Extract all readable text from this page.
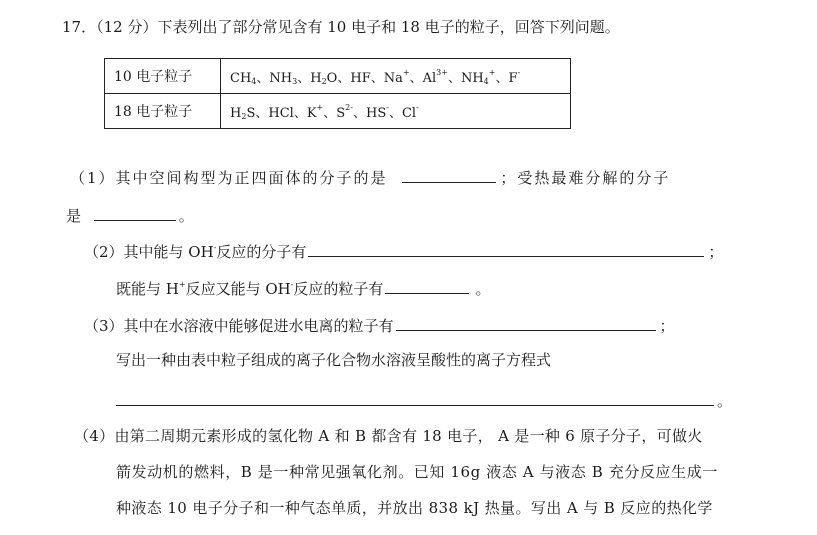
17．（12 分）下表列出了部分常见含有 10 电子和 18 电子的粒子，回答下列问题。
10 电子粒子	$CH_4$、$NH_3$、$H_2O$、HF、Na+、$Al^{3+}$、$NH_4^+$、F-
18 电子粒子	$H_2S$、HCl、K+、$S^{2-}$、HS-、Cl-
（1）其中空间构型为正四面体的分子的是	；受热最难分解的分子
是	。
（2）其中能与 OH-反应的分子有	；
既能与 H+反应又能与 OH-反应的粒子有	。
（3）其中在水溶液中能够促进水电离的粒子有	；
写出一种由表中粒子组成的离子化合物水溶液呈酸性的离子方程式
。
（4）由第二周期元素形成的氢化物 A 和 B 都含有 18 电子， A 是一种 6 原子分子，可做火
箭发动机的燃料，B 是一种常见强氧化剂。已知 16g 液态 A 与液态 B 充分反应生成一
种液态 10 电子分子和一种气态单质，并放出 838 kJ 热量。写出 A 与 B 反应的热化学
